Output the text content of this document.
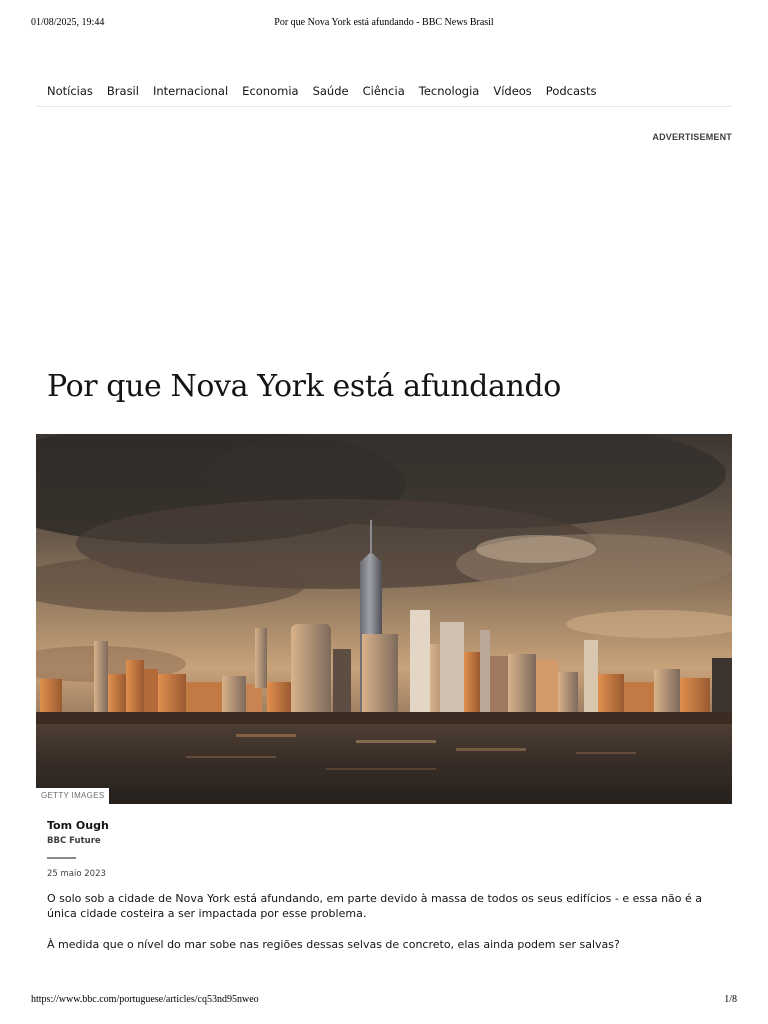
01/08/2025, 19:44	Por que Nova York está afundando - BBC News Brasil
Notícias Brasil Internacional Economia Saúde Ciência Tecnologia Vídeos Podcasts
ADVERTISEMENT
Por que Nova York está afundando
GETTY IMAGES
Tom Ough
BBC Future
25 maio 2023

O solo sob a cidade de Nova York está afundando, em parte devido à massa de todos os seus edifícios - e essa não é a única cidade costeira a ser impactada por esse problema.

À medida que o nível do mar sobe nas regiões dessas selvas de concreto, elas ainda podem ser salvas?

https://www.bbc.com/portuguese/articles/cq53nd95nweo	1/8
